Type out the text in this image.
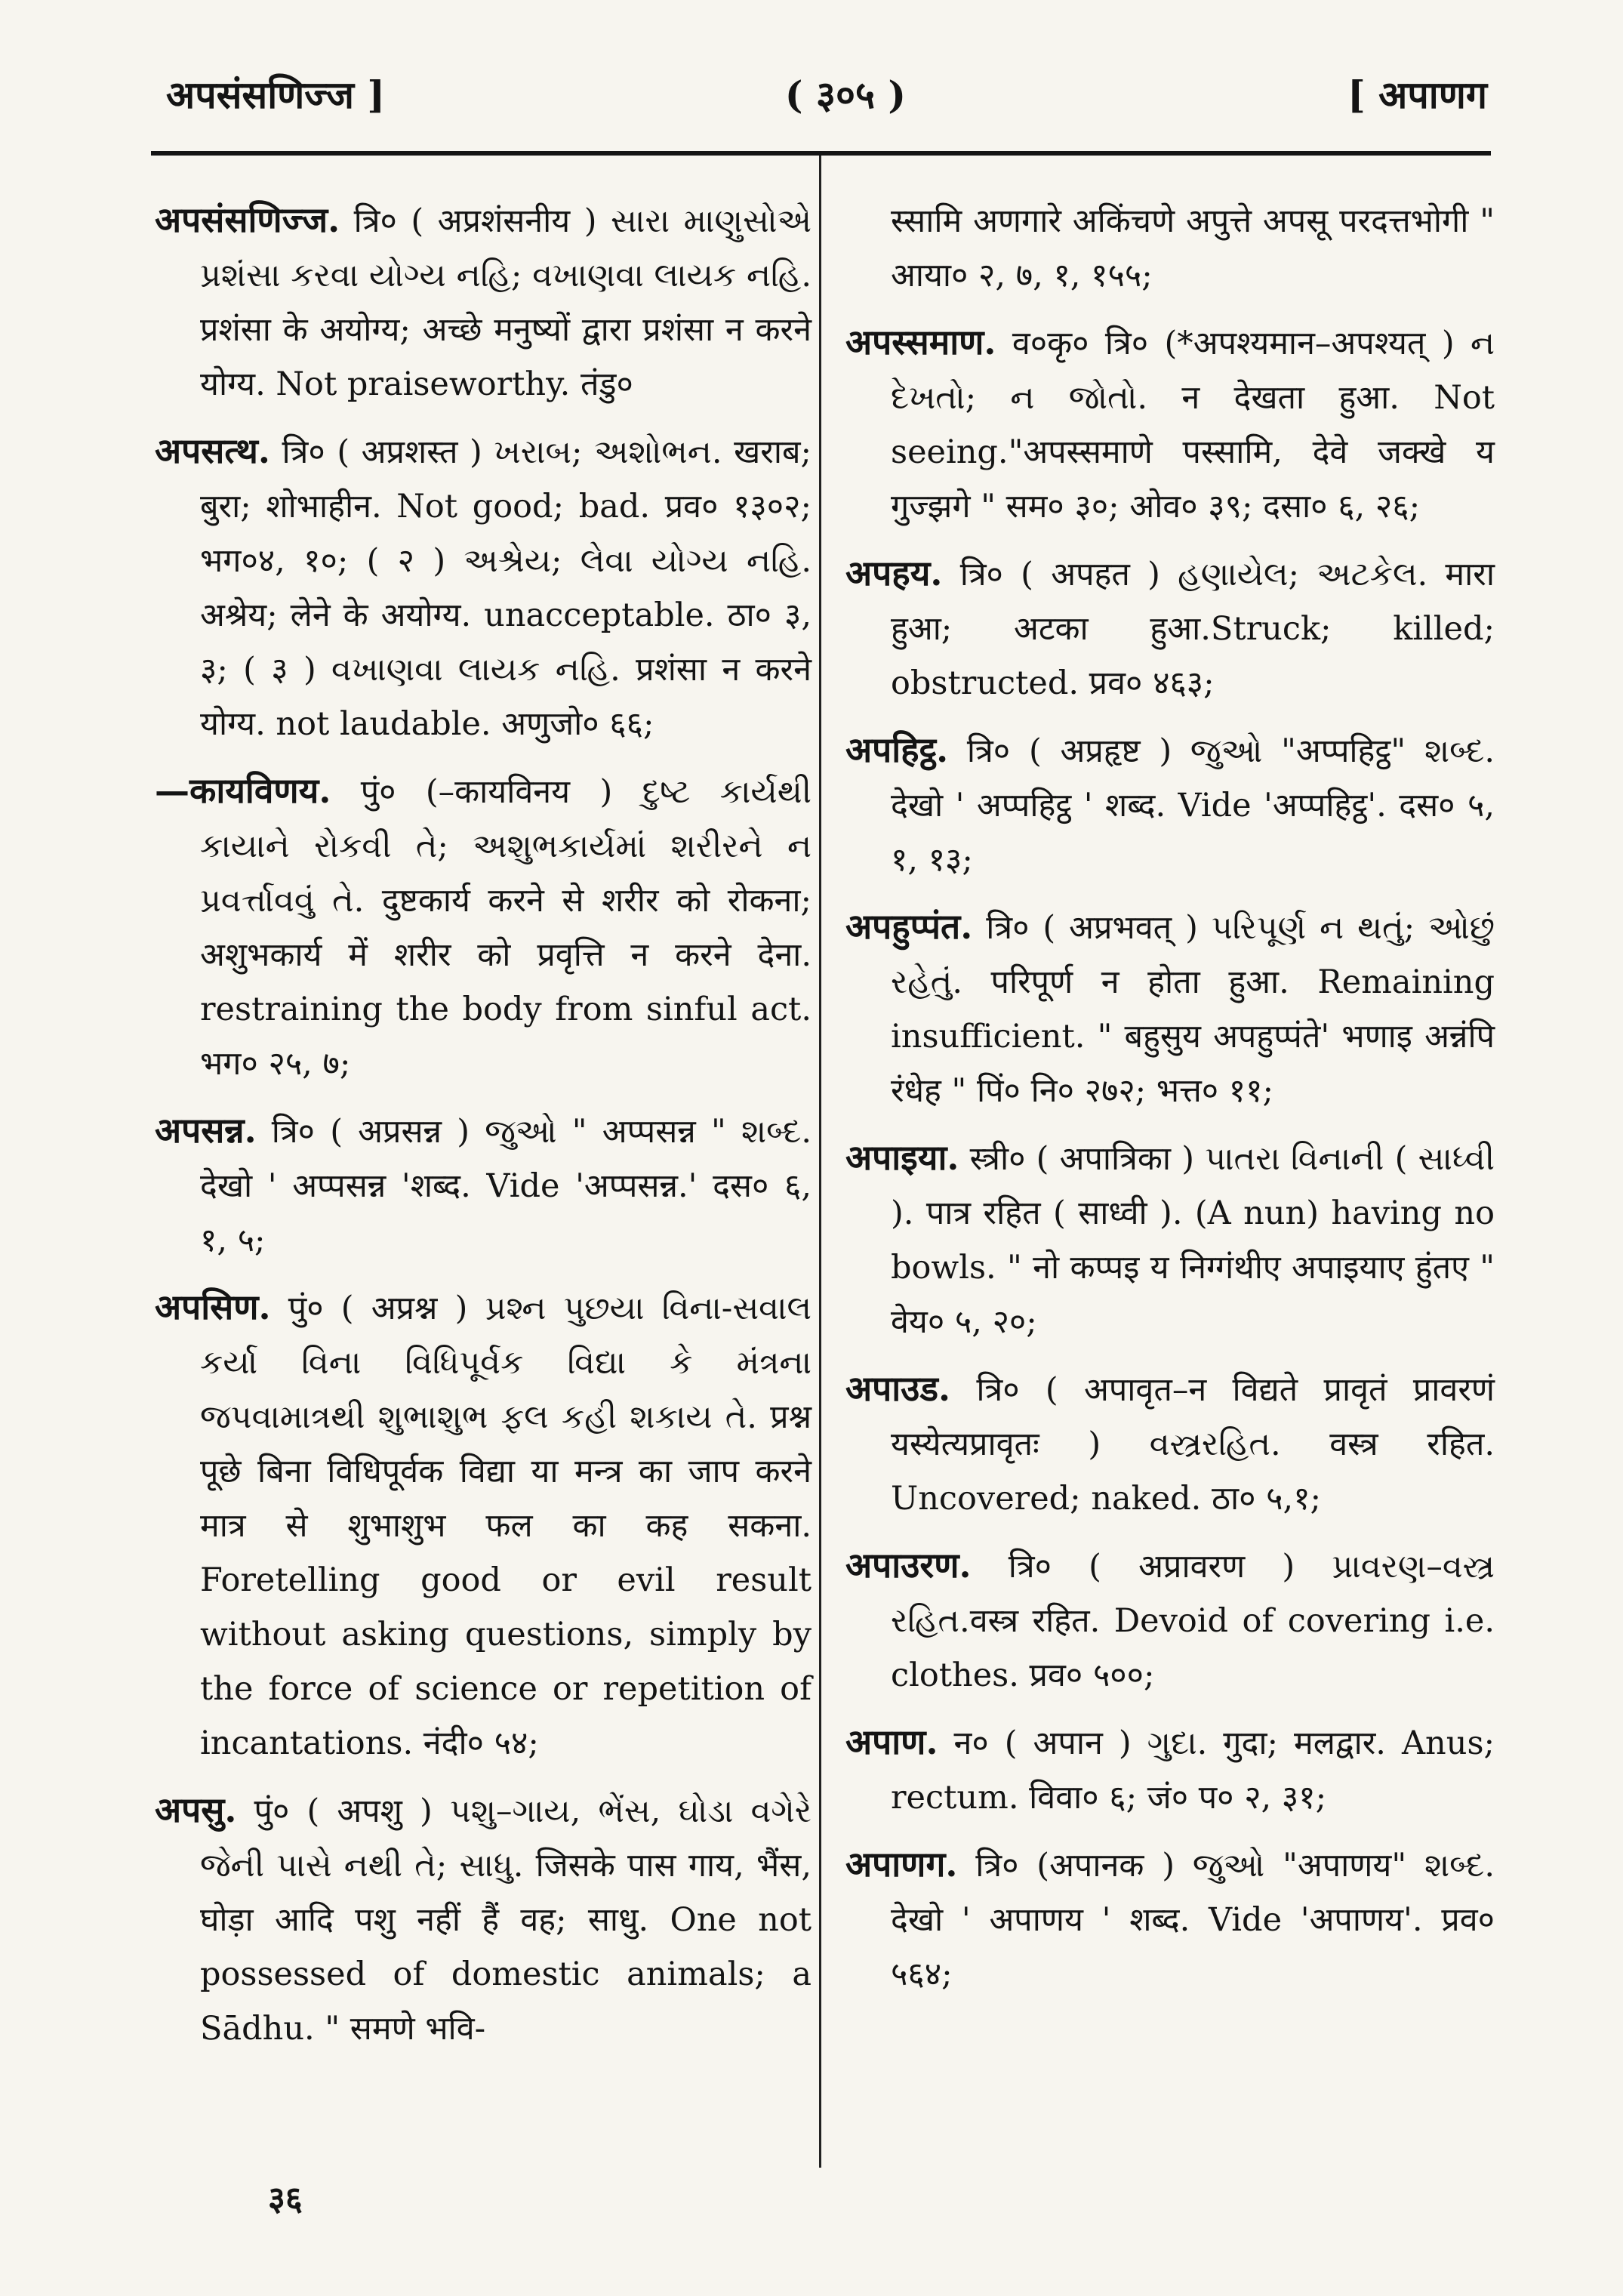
अपसंसणिज्ज ]	( ३०५ )	[ अपाणग

अपसंसणिज्ज. त्रि० ( अप्रशंसनीय ) સારા માણુસોએ પ્રશંસા કરવા યોગ્ય નહિ; વખાણવા લાયક નહિ. प्रशंसा के अयोग्य; अच्छे मनुष्यों द्वारा प्रशंसा न करने योग्य. Not praiseworthy. तंडु०

अपसत्थ. त्रि० ( अप्रशस्त ) ખરાબ; અશોભન. खराब; बुरा; शोभाहीन. Not good; bad. प्रव० १३०२; भग०४, १०; ( २ ) અશ્રેય; લેવા યોગ્ય નહિ. अश्रेय; लेने के अयोग्य. unacceptable. ठा० ३, ३; ( ३ ) વખાણવા લાયક નહિ. प्रशंसा न करने योग्य. not laudable. अणुजो० ६६;

—कायविणय. पुं० (–कायविनय ) દુષ્ટ કાર્યથી કાયાને રોકવી તે; અશુભકાર્યમાં શરીરને ન પ્રવર્ત્તાવવું તે. दुष्टकार्य करने से शरीर को रोकना; अशुभकार्य में शरीर को प्रवृत्ति न करने देना. restraining the body from sinful act. भग० २५, ७;

अपसन्न. त्रि० ( अप्रसन्न ) જુઓ " अप्पसन्न " શબ્દ. देखो ' अप्पसन्न 'शब्द. Vide 'अप्पसन्न.' दस० ६, १, ५;

अपसिण. पुं० ( अप्रश्न ) પ્રશ્ન પુછયા વિના-સવાલ કર્યા વિના વિધિપૂર્વક વિદ્યા કે મંત્રના જપવામાત્રથી શુભાશુભ ફલ કહી શકાય તે. प्रश्न पूछे बिना विधिपूर्वक विद्या या मन्त्र का जाप करने मात्र से शुभाशुभ फल का कह सकना. Foretelling good or evil result without asking questions, simply by the force of science or repetition of incantations. नंदी० ५४;

अपसु. पुं० ( अपशु ) પશુ–ગાય, ભેંસ, ઘોડા વગેરે જેની પાસે નથી તે; સાધુ. जिसके पास गाय, भैंस, घोड़ा आदि पशु नहीं हैं वह; साधु. One not possessed of domestic animals; a Sādhu. " समणे भवि-

स्सामि अणगारे अकिंचणे अपुत्ते अपसू परदत्तभोगी " आया० २, ७, १, १५५;

अपस्समाण. व०कृ० त्रि० (*अपश्यमान–अपश्यत् ) ન દેખતો; ન જોતો. न देखता हुआ. Not seeing."अपस्समाणे पस्सामि, देवे जक्खे य गुज्झगे " सम० ३०; ओव० ३९; दसा० ६, २६;

अपहय. त्रि० ( अपहत ) હણાયેલ; અટકેલ. मारा हुआ; अटका हुआ.Struck; killed; obstructed. प्रव० ४६३;

अपहिट्ठ. त्रि० ( अप्रहृष्ट ) જુઓ "अप्पहिट्ठ" શબ્દ. देखो ' अप्पहिट्ठ ' शब्द. Vide 'अप्पहिट्ठ'. दस० ५, १, १३;

अपहुप्पंत. त्रि० ( अप्रभवत् ) પરિપૂર્ણ ન થતું; ઓછું રહેતું. परिपूर्ण न होता हुआ. Remaining insufficient. " बहुसुय अपहुप्पंते' भणाइ अन्नंपि रंधेह " पिं० नि० २७२; भत्त० ११;

अपाइया. स्त्री० ( अपात्रिका ) પાતરા વિનાની ( સાધ્વી ). पात्र रहित ( साध्वी ). (A nun) having no bowls. " नो कप्पइ य निग्गंथीए अपाइयाए हुंतए " वेय० ५, २०;

अपाउड. त्रि० ( अपावृत–न विद्यते प्रावृतं प्रावरणं यस्येत्यप्रावृतः ) વસ્ત્રરહિત. वस्त्र रहित. Uncovered; naked. ठा० ५,१;

अपाउरण. त्रि० ( अप्रावरण ) પ્રાવરણ–વસ્ત્ર રહિત.वस्त्र रहित. Devoid of covering i.e. clothes. प्रव० ५००;

अपाण. न० ( अपान ) ગુદા. गुदा; मलद्वार. Anus; rectum. विवा० ६; जं० प० २, ३१;

अपाणग. त्रि० (अपानक ) જુઓ "अपाणय" શબ્દ. देखो ' अपाणय ' शब्द. Vide 'अपाणय'. प्रव० ५६४;

३६
